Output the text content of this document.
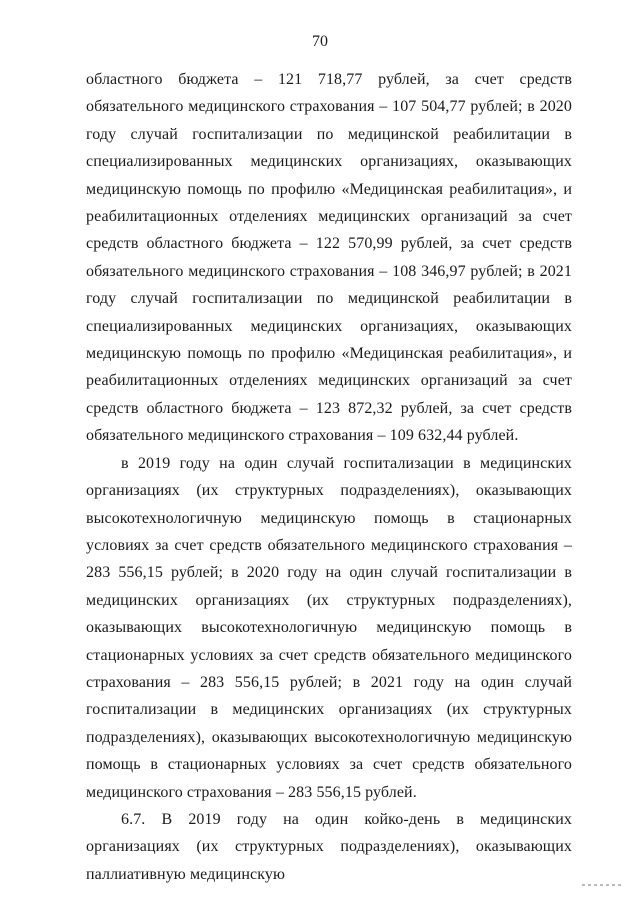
70

областного бюджета – 121 718,77 рублей, за счет средств обязательного медицинского страхования – 107 504,77 рублей; в 2020 году случай госпитализации по медицинской реабилитации в специализированных медицинских организациях, оказывающих медицинскую помощь по профилю «Медицинская реабилитация», и реабилитационных отделениях медицинских организаций за счет средств областного бюджета – 122 570,99 рублей, за счет средств обязательного медицинского страхования – 108 346,97 рублей; в 2021 году случай госпитализации по медицинской реабилитации в специализированных медицинских организациях, оказывающих медицинскую помощь по профилю «Медицинская реабилитация», и реабилитационных отделениях медицинских организаций за счет средств областного бюджета – 123 872,32 рублей, за счет средств обязательного медицинского страхования – 109 632,44 рублей.

в 2019 году на один случай госпитализации в медицинских организациях (их структурных подразделениях), оказывающих высокотехнологичную медицинскую помощь в стационарных условиях за счет средств обязательного медицинского страхования – 283 556,15 рублей; в 2020 году на один случай госпитализации в медицинских организациях (их структурных подразделениях), оказывающих высокотехнологичную медицинскую помощь в стационарных условиях за счет средств обязательного медицинского страхования – 283 556,15 рублей; в 2021 году на один случай госпитализации в медицинских организациях (их структурных подразделениях), оказывающих высокотехнологичную медицинскую помощь в стационарных условиях за счет средств обязательного медицинского страхования – 283 556,15 рублей.

6.7. В 2019 году на один койко-день в медицинских организациях (их структурных подразделениях), оказывающих паллиативную медицинскую
